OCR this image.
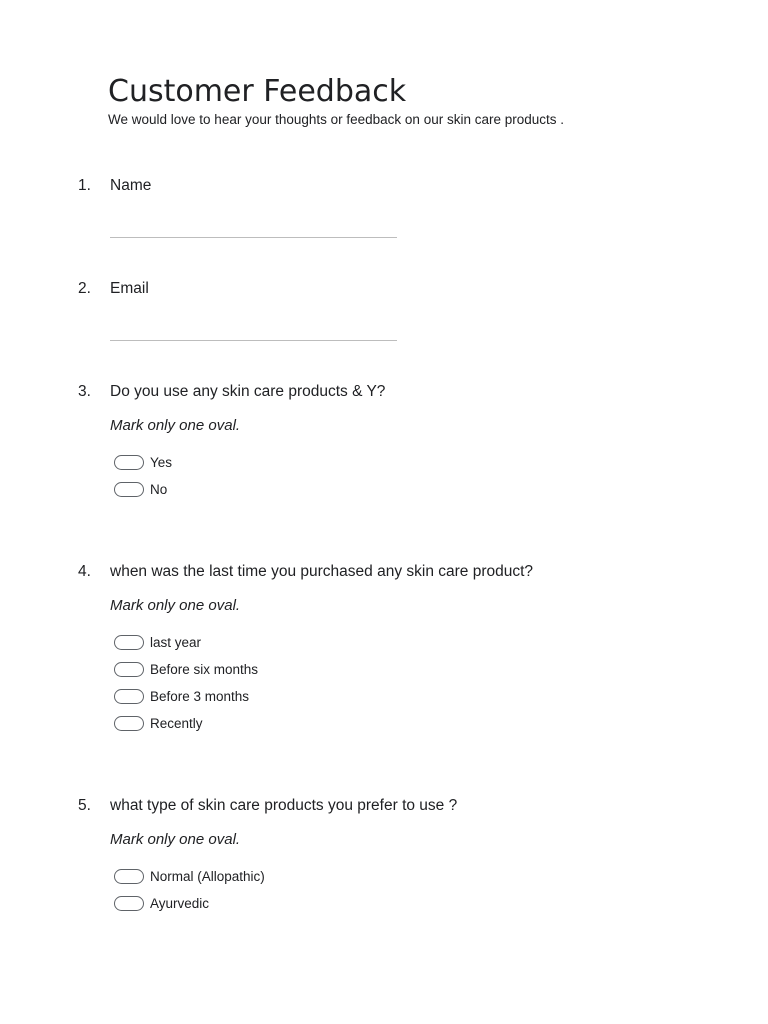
Customer Feedback
We would love to hear your thoughts or feedback on our skin care products .
1. Name
2. Email
3. Do you use any skin care products & Y?
Mark only one oval.
Yes
No
4. when was the last time you purchased any skin care product?
Mark only one oval.
last year
Before six months
Before 3 months
Recently
5. what type of skin care products you prefer to use ?
Mark only one oval.
Normal (Allopathic)
Ayurvedic
